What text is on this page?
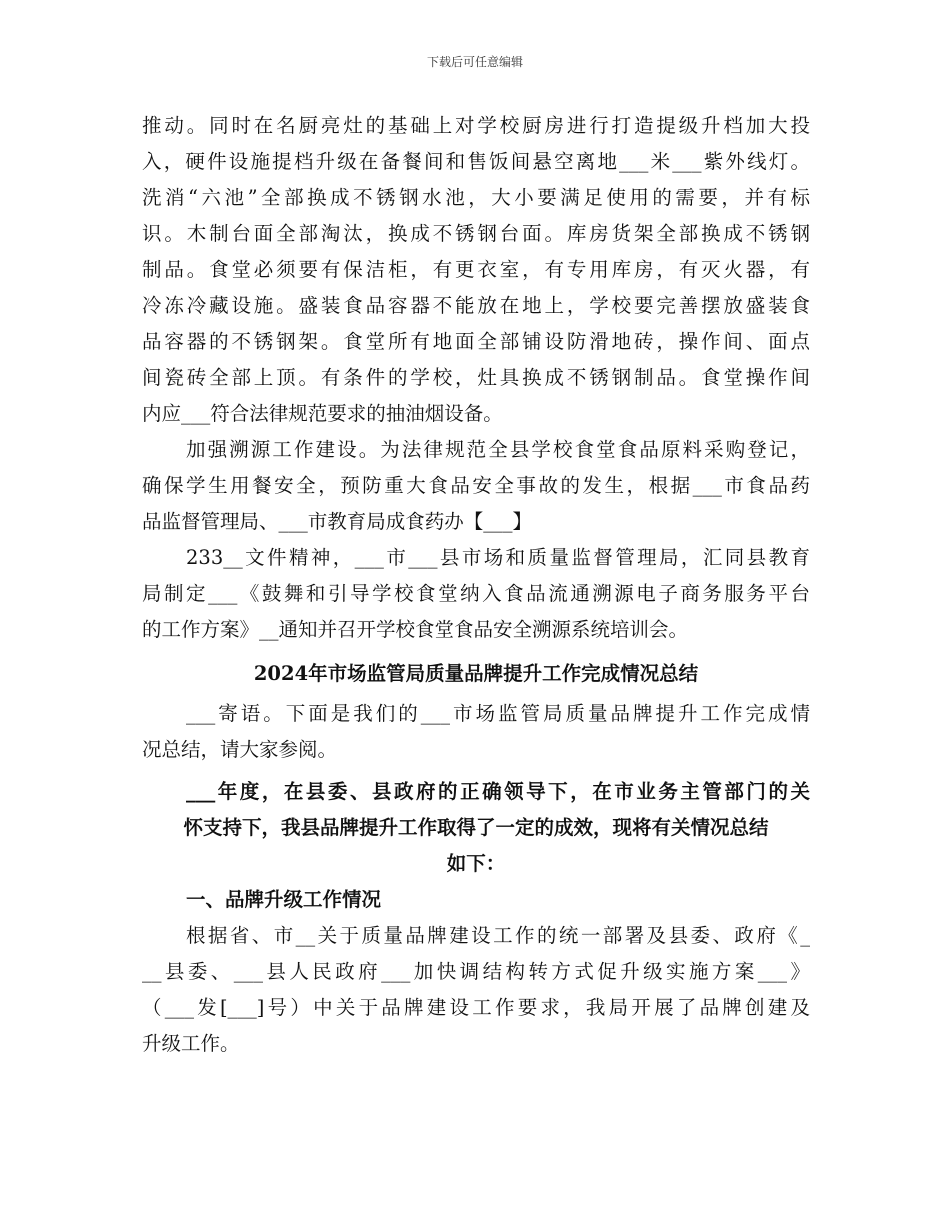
下载后可任意编辑
推动。同时在名厨亮灶的基础上对学校厨房进行打造提级升档加大投
入，硬件设施提档升级在备餐间和售饭间悬空离地___米___紫外线灯。
洗消“六池”全部换成不锈钢水池，大小要满足使用的需要，并有标
识。木制台面全部淘汰，换成不锈钢台面。库房货架全部换成不锈钢
制品。食堂必须要有保洁柜，有更衣室，有专用库房，有灭火器，有
冷冻冷藏设施。盛装食品容器不能放在地上，学校要完善摆放盛装食
品容器的不锈钢架。食堂所有地面全部铺设防滑地砖，操作间、面点
间瓷砖全部上顶。有条件的学校，灶具换成不锈钢制品。食堂操作间
内应___符合法律规范要求的抽油烟设备。
加强溯源工作建设。为法律规范全县学校食堂食品原料采购登记，
确保学生用餐安全，预防重大食品安全事故的发生，根据___市食品药
品监督管理局、___市教育局成食药办【___】
233__文件精神，___市___县市场和质量监督管理局，汇同县教育
局制定___《鼓舞和引导学校食堂纳入食品流通溯源电子商务服务平台
的工作方案》__通知并召开学校食堂食品安全溯源系统培训会。
2024年市场监管局质量品牌提升工作完成情况总结
___寄语。下面是我们的___市场监管局质量品牌提升工作完成情
况总结，请大家参阅。
___年度，在县委、县政府的正确领导下，在市业务主管部门的关
怀支持下，我县品牌提升工作取得了一定的成效，现将有关情况总结
如下：
一、品牌升级工作情况
根据省、市__关于质量品牌建设工作的统一部署及县委、政府《_
__县委、___县人民政府___加快调结构转方式促升级实施方案___》
（___发[___]号）中关于品牌建设工作要求，我局开展了品牌创建及
升级工作。
